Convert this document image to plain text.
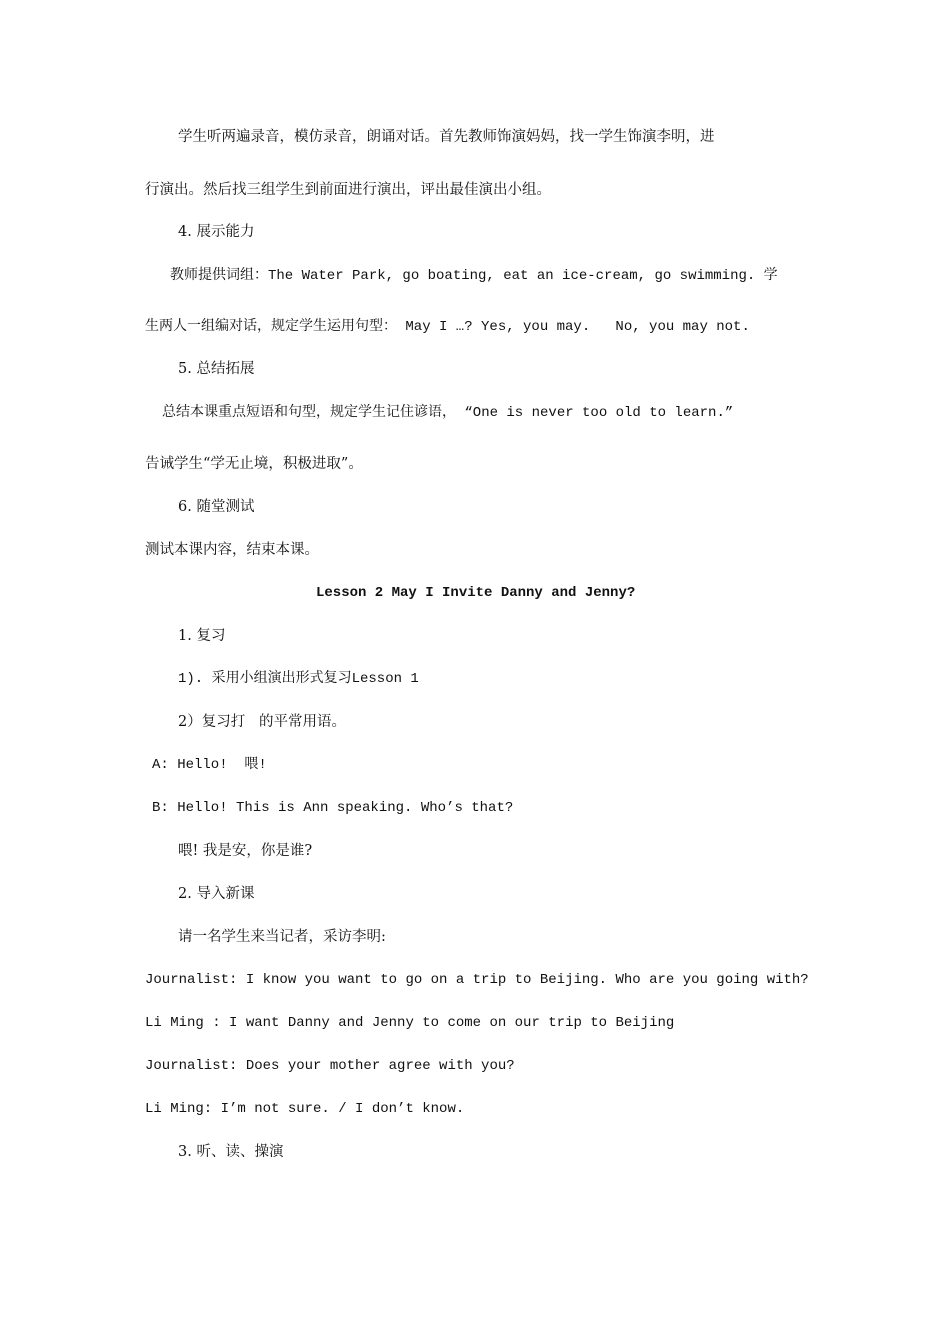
学生听两遍录音，模仿录音，朗诵对话。首先教师饰演妈妈，找一学生饰演李明，进
行演出。然后找三组学生到前面进行演出，评出最佳演出小组。
4. 展示能力
教师提供词组：The Water Park, go boating, eat an ice-cream, go swimming. 学
生两人一组编对话，规定学生运用句型： May I …? Yes, you may.   No, you may not.
5. 总结拓展
总结本课重点短语和句型，规定学生记住谚语， “One is never too old to learn.”
告诫学生“学无止境，积极进取”。
6. 随堂测试
测试本课内容，结束本课。
Lesson 2 May I Invite Danny and Jenny?
1. 复习
1). 采用小组演出形式复习Lesson 1
2）复习打   的平常用语。
A: Hello!  喂!
B: Hello! This is Ann speaking. Who’s that?
喂! 我是安，你是谁?
2. 导入新课
请一名学生来当记者，采访李明:
Journalist: I know you want to go on a trip to Beijing. Who are you going with?
Li Ming : I want Danny and Jenny to come on our trip to Beijing
Journalist: Does your mother agree with you?
Li Ming: I’m not sure. / I don’t know.
3. 听、读、操演
